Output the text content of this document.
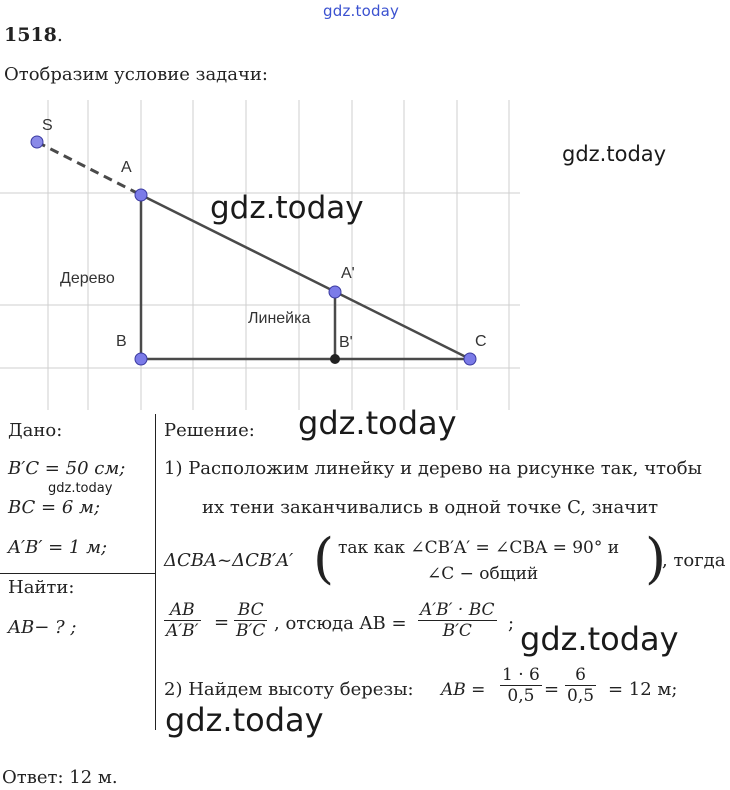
gdz.today
1518.
Отобразим условие задачи:
S
A
A'
B	B'	C
Дерево
Линейка
gdz.today
gdz.today
Дано:
B′C = 50 см;
gdz.today
BC = 6 м;
A′B′ = 1 м;
Найти:
AB− ? ;
Решение: gdz.today
1) Расположим линейку и дерево на рисунке так, чтобы
их тени заканчивались в одной точке C, значит
ΔCBA~ΔCB′A′ ( так как ∠CB′A′ = ∠CBA = 90° и
∠C − общий )
, тогда
$\frac{AB}{A'B'} = \frac{BC}{B'C}$ , отсюда AB = $\frac{A'B' \cdot BC}{B'C}$ ; gdz.today
2) Найдем высоту березы: AB = $\frac{1 \cdot 6}{0,5} = \frac{6}{0,5} = 12$ м;
gdz.today
Ответ: 12 м.
